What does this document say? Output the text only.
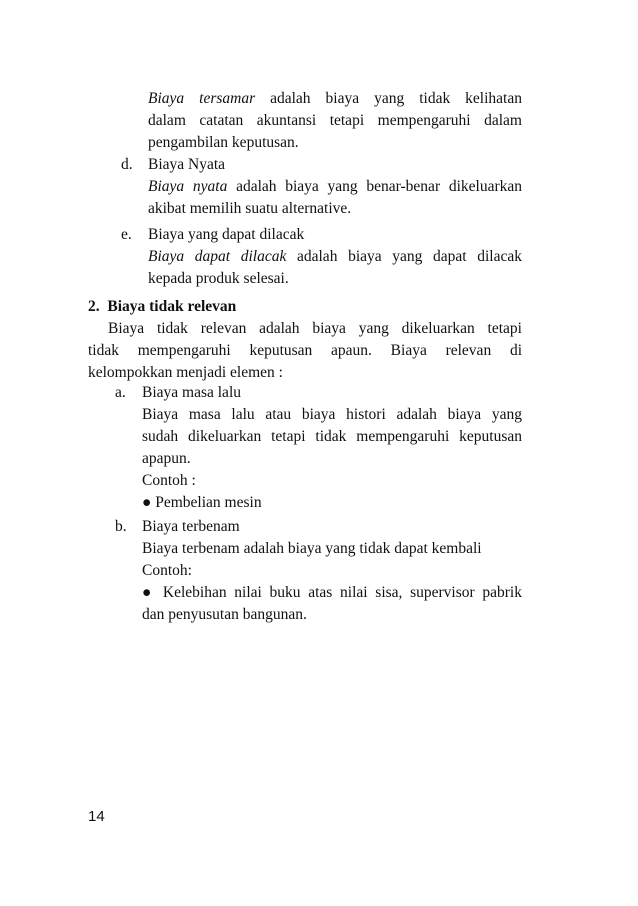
Biaya tersamar adalah biaya yang tidak kelihatan
dalam catatan akuntansi tetapi mempengaruhi dalam
pengambilan keputusan.
d. Biaya Nyata
Biaya nyata adalah biaya yang benar-benar dikeluarkan
akibat memilih suatu alternative.
e. Biaya yang dapat dilacak
Biaya dapat dilacak adalah biaya yang dapat dilacak
kepada produk selesai.
2.  Biaya tidak relevan
Biaya tidak relevan adalah biaya yang dikeluarkan tetapi
tidak mempengaruhi keputusan apaun. Biaya relevan di
kelompokkan menjadi elemen :
a. Biaya masa lalu
Biaya masa lalu atau biaya histori adalah biaya yang
sudah dikeluarkan tetapi tidak mempengaruhi keputusan
apapun.
Contoh :
● Pembelian mesin
b. Biaya terbenam
Biaya terbenam adalah biaya yang tidak dapat kembali
Contoh:
● Kelebihan nilai buku atas nilai sisa, supervisor pabrik
dan penyusutan bangunan.
14
